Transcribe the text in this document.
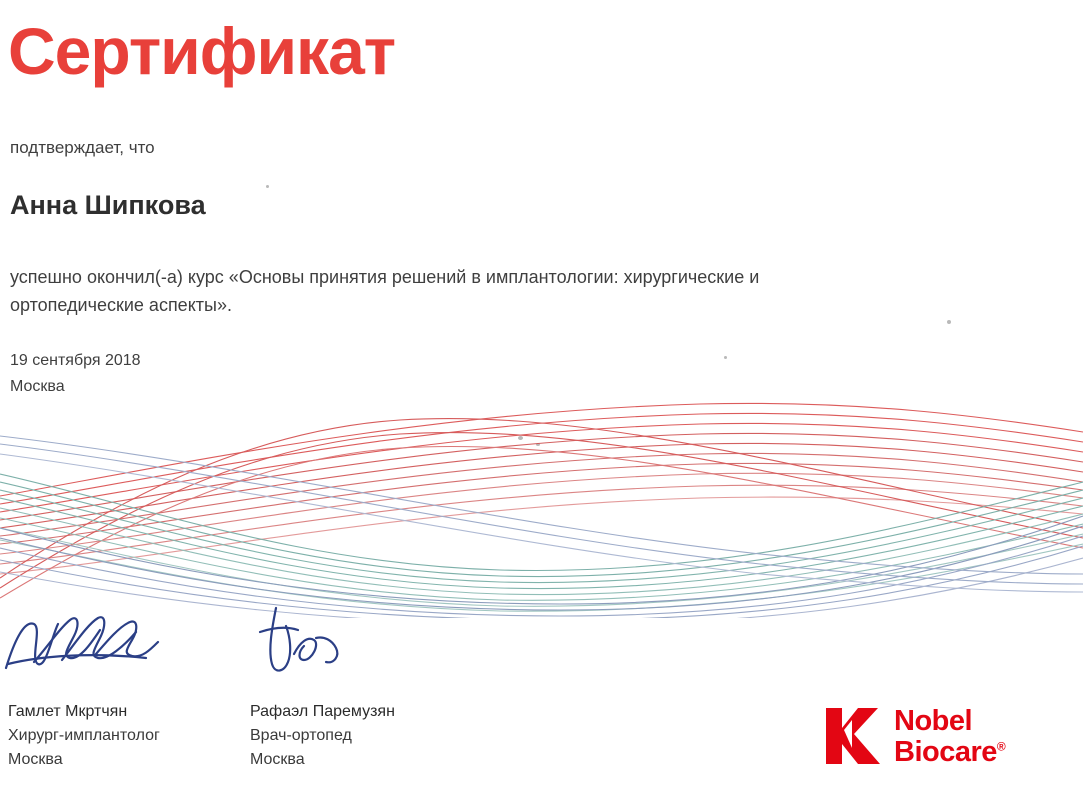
Сертификат
подтверждает, что
Анна Шипкова
успешно окончил(-а) курс «Основы принятия решений в имплантологии: хирургические и ортопедические аспекты».
19 сентября 2018
Москва
Гамлет Мкртчян
Хирург-имплантолог
Москва
Рафаэл Паремузян
Врач-ортопед
Москва
Nobel
Biocare®
